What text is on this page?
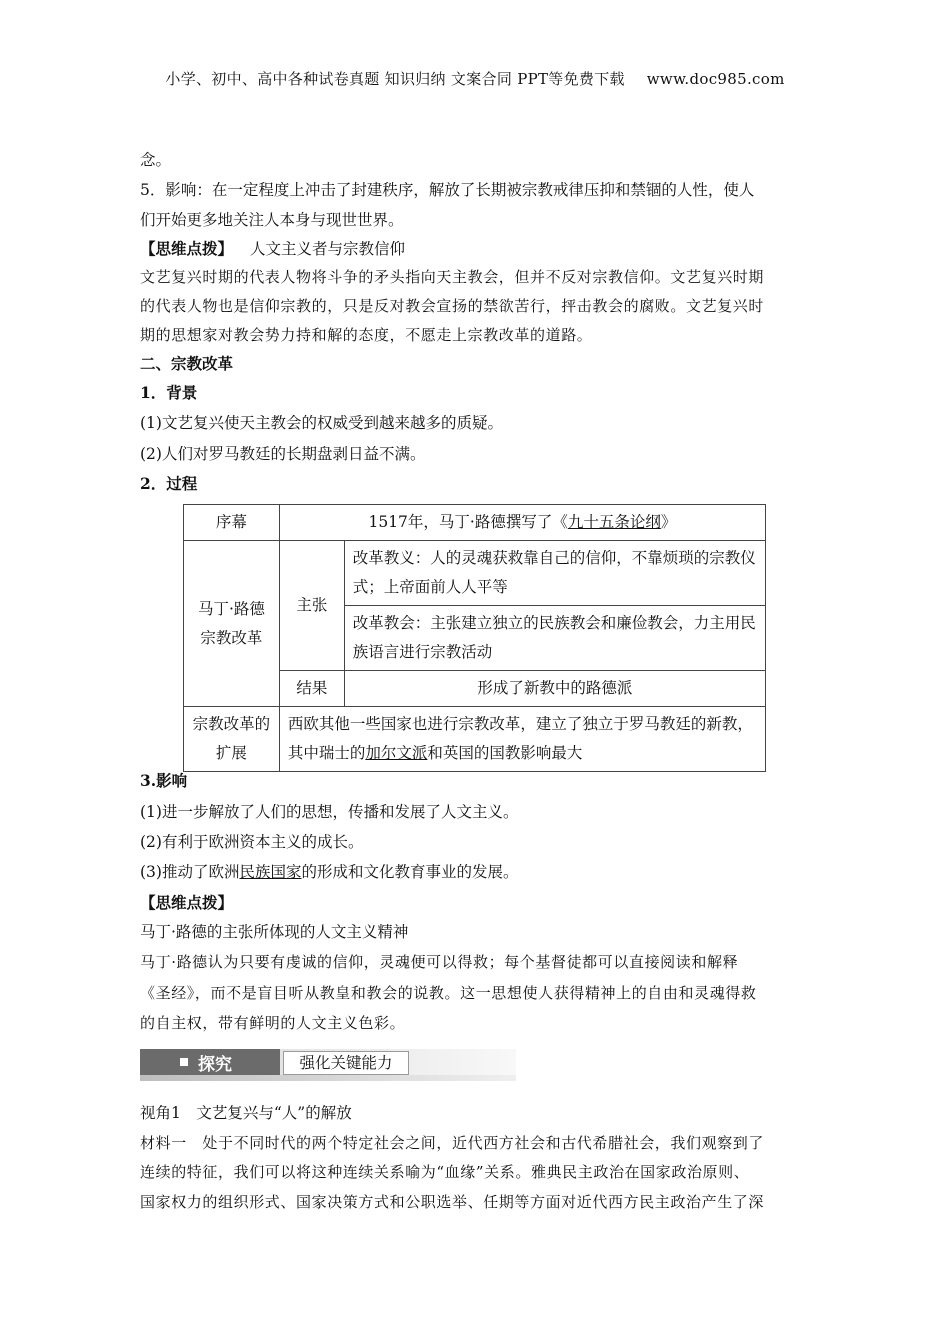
小学、初中、高中各种试卷真题 知识归纳 文案合同 PPT等免费下载 www.doc985.com
念。
5．影响：在一定程度上冲击了封建秩序，解放了长期被宗教戒律压抑和禁锢的人性，使人
们开始更多地关注人本身与现世世界。
【思维点拨】 人文主义者与宗教信仰
文艺复兴时期的代表人物将斗争的矛头指向天主教会，但并不反对宗教信仰。文艺复兴时期
的代表人物也是信仰宗教的，只是反对教会宣扬的禁欲苦行，抨击教会的腐败。文艺复兴时
期的思想家对教会势力持和解的态度，不愿走上宗教改革的道路。
二、宗教改革
1．背景
(1)文艺复兴使天主教会的权威受到越来越多的质疑。
(2)人们对罗马教廷的长期盘剥日益不满。
2．过程
序幕	1517年，马丁·路德撰写了《九十五条论纲》	
马丁·路德宗教改革	主张	改革教义：人的灵魂获救靠自己的信仰，不靠烦琐的宗教仪式；上帝面前人人平等
		改革教会：主张建立独立的民族教会和廉俭教会，力主用民族语言进行宗教活动
	结果	形成了新教中的路德派
宗教改革的扩展	西欧其他一些国家也进行宗教改革，建立了独立于罗马教廷的新教，其中瑞士的加尔文派和英国的国教影响最大	
3.影响
(1)进一步解放了人们的思想，传播和发展了人文主义。
(2)有利于欧洲资本主义的成长。
(3)推动了欧洲民族国家的形成和文化教育事业的发展。
【思维点拨】
马丁·路德的主张所体现的人文主义精神
马丁·路德认为只要有虔诚的信仰，灵魂便可以得救；每个基督徒都可以直接阅读和解释
《圣经》，而不是盲目听从教皇和教会的说教。这一思想使人获得精神上的自由和灵魂得救
的自主权，带有鲜明的人文主义色彩。
探究	强化关键能力
视角1　文艺复兴与“人”的解放
材料一　处于不同时代的两个特定社会之间，近代西方社会和古代希腊社会，我们观察到了
连续的特征，我们可以将这种连续关系喻为“血缘”关系。雅典民主政治在国家政治原则、
国家权力的组织形式、国家决策方式和公职选举、任期等方面对近代西方民主政治产生了深
